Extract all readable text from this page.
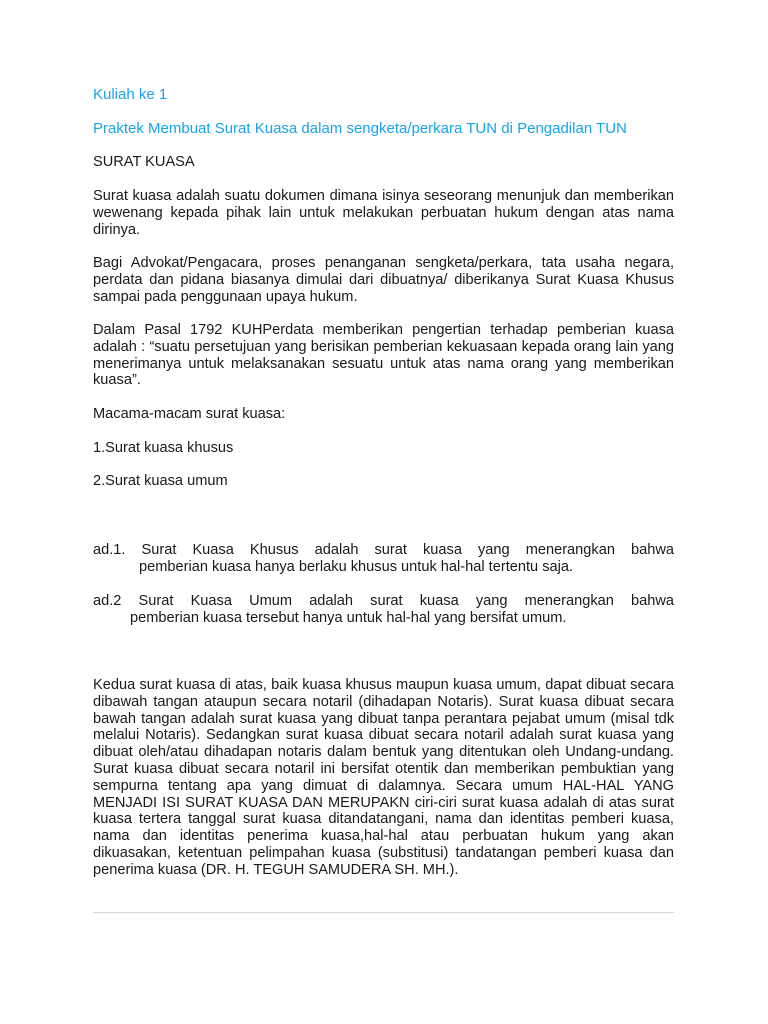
Kuliah ke 1
Praktek Membuat Surat Kuasa dalam sengketa/perkara TUN di Pengadilan TUN
SURAT KUASA
Surat kuasa adalah suatu dokumen dimana isinya seseorang menunjuk dan memberikan wewenang kepada pihak lain untuk melakukan perbuatan hukum dengan atas nama dirinya.
Bagi Advokat/Pengacara, proses penanganan sengketa/perkara, tata usaha negara, perdata dan pidana biasanya dimulai dari dibuatnya/ diberikanya Surat Kuasa Khusus sampai pada penggunaan upaya hukum.
Dalam Pasal 1792 KUHPerdata memberikan pengertian terhadap pemberian kuasa adalah : “suatu persetujuan yang berisikan pemberian kekuasaan kepada orang lain yang menerimanya untuk melaksanakan sesuatu untuk atas nama orang yang memberikan kuasa”.
Macama-macam surat kuasa:
1.Surat kuasa khusus
2.Surat kuasa umum
ad.1. Surat Kuasa Khusus adalah surat kuasa yang menerangkan bahwa
pemberian kuasa hanya berlaku khusus untuk hal-hal tertentu saja.
ad.2 Surat Kuasa Umum adalah surat kuasa yang menerangkan bahwa
pemberian kuasa tersebut hanya untuk hal-hal yang bersifat umum.
Kedua surat kuasa di atas, baik kuasa khusus maupun kuasa umum, dapat dibuat secara dibawah tangan ataupun secara notaril (dihadapan Notaris). Surat kuasa dibuat secara bawah tangan adalah surat kuasa yang dibuat tanpa perantara pejabat umum (misal tdk melalui Notaris). Sedangkan surat kuasa dibuat secara notaril adalah surat kuasa yang dibuat oleh/atau dihadapan notaris dalam bentuk yang ditentukan oleh Undang-undang. Surat kuasa dibuat secara notaril ini bersifat otentik dan memberikan pembuktian yang sempurna tentang apa yang dimuat di dalamnya. Secara umum HAL-HAL YANG MENJADI ISI SURAT KUASA DAN MERUPAKN ciri-ciri surat kuasa adalah di atas surat kuasa tertera tanggal surat kuasa ditandatangani, nama dan identitas pemberi kuasa, nama dan identitas penerima kuasa,hal-hal atau perbuatan hukum yang akan dikuasakan, ketentuan pelimpahan kuasa (substitusi) tandatangan pemberi kuasa dan penerima kuasa (DR. H. TEGUH SAMUDERA SH. MH.).
